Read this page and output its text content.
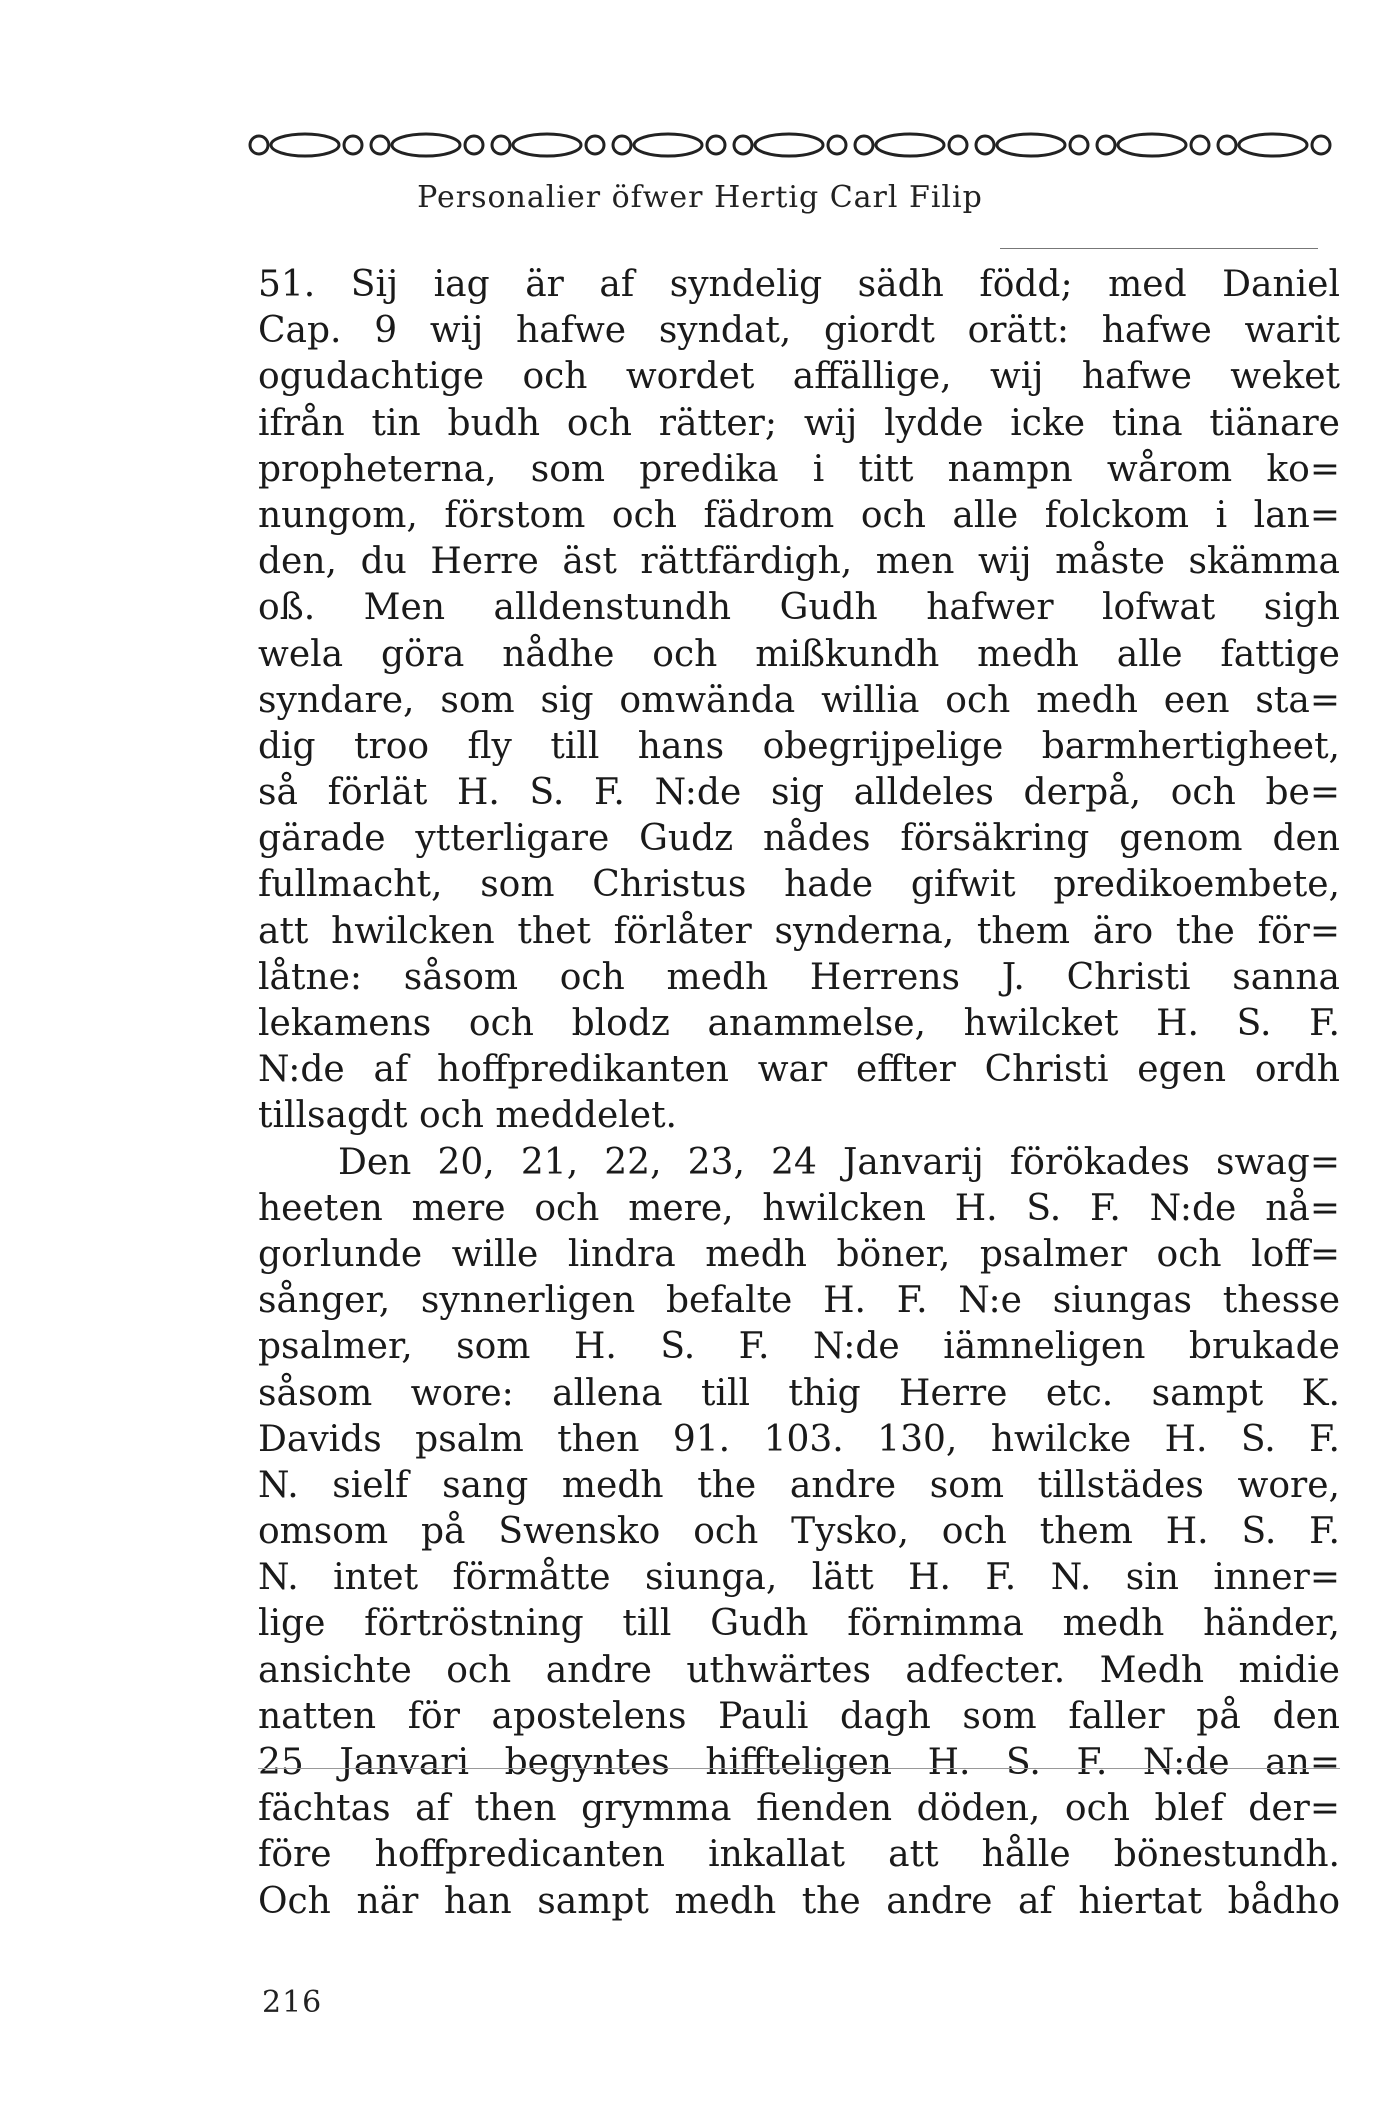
Personalier öfwer Hertig Carl Filip
51. Sij iag är af syndelig sädh född; med Daniel
Cap. 9 wij hafwe syndat, giordt orätt: hafwe warit
ogudachtige och wordet affällige, wij hafwe weket
ifrån tin budh och rätter; wij lydde icke tina tiänare
propheterna, som predika i titt nampn wårom ko=
nungom, förstom och fädrom och alle folckom i lan=
den, du Herre äst rättfärdigh, men wij måste skämma
oß. Men alldenstundh Gudh hafwer lofwat sigh
wela göra nådhe och mißkundh medh alle fattige
syndare, som sig omwända willia och medh een sta=
dig troo fly till hans obegrijpelige barmhertigheet,
så förlät H. S. F. N:de sig alldeles derpå, och be=
gärade ytterligare Gudz nådes försäkring genom den
fullmacht, som Christus hade gifwit predikoembete,
att hwilcken thet förlåter synderna, them äro the för=
låtne: såsom och medh Herrens J. Christi sanna
lekamens och blodz anammelse, hwilcket H. S. F.
N:de af hoffpredikanten war effter Christi egen ordh
tillsagdt och meddelet.
Den 20, 21, 22, 23, 24 Janvarij förökades swag=
heeten mere och mere, hwilcken H. S. F. N:de nå=
gorlunde wille lindra medh böner, psalmer och loff=
sånger, synnerligen befalte H. F. N:e siungas thesse
psalmer, som H. S. F. N:de iämneligen brukade
såsom wore: allena till thig Herre etc. sampt K.
Davids psalm then 91. 103. 130, hwilcke H. S. F.
N. sielf sang medh the andre som tillstädes wore,
omsom på Swensko och Tysko, och them H. S. F.
N. intet förmåtte siunga, lätt H. F. N. sin inner=
lige förtröstning till Gudh förnimma medh händer,
ansichte och andre uthwärtes adfecter. Medh midie
natten för apostelens Pauli dagh som faller på den
25 Janvari begyntes hiffteligen H. S. F. N:de an=
fächtas af then grymma fienden döden, och blef der=
före hoffpredicanten inkallat att hålle bönestundh.
Och när han sampt medh the andre af hiertat bådho
216
